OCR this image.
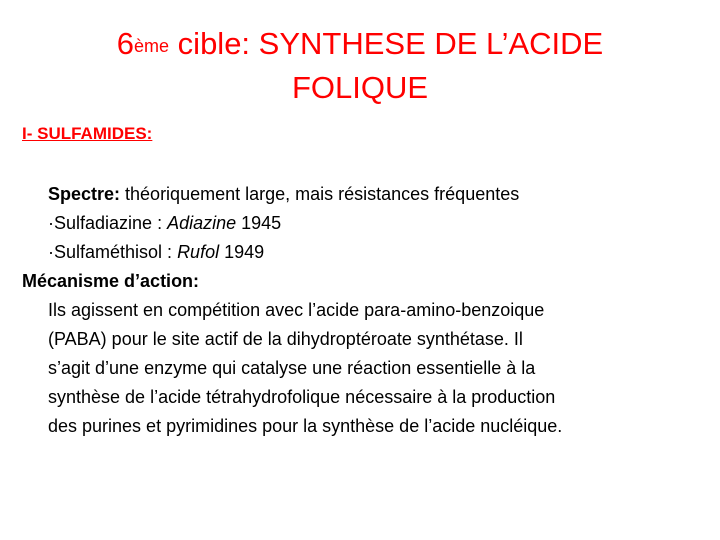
6ème cible: SYNTHESE DE L’ACIDE FOLIQUE

I- SULFAMIDES:

Spectre: théoriquement large, mais résistances fréquentes
·Sulfadiazine : Adiazine 1945
·Sulfaméthisol : Rufol 1949
Mécanisme d’action:
Ils agissent en compétition avec l’acide para-amino-benzoique
(PABA) pour le site actif de la dihydroptéroate synthétase. Il
s’agit d’une enzyme qui catalyse une réaction essentielle à la
synthèse de l’acide tétrahydrofolique nécessaire à la production
des purines et pyrimidines pour la synthèse de l’acide nucléique.
